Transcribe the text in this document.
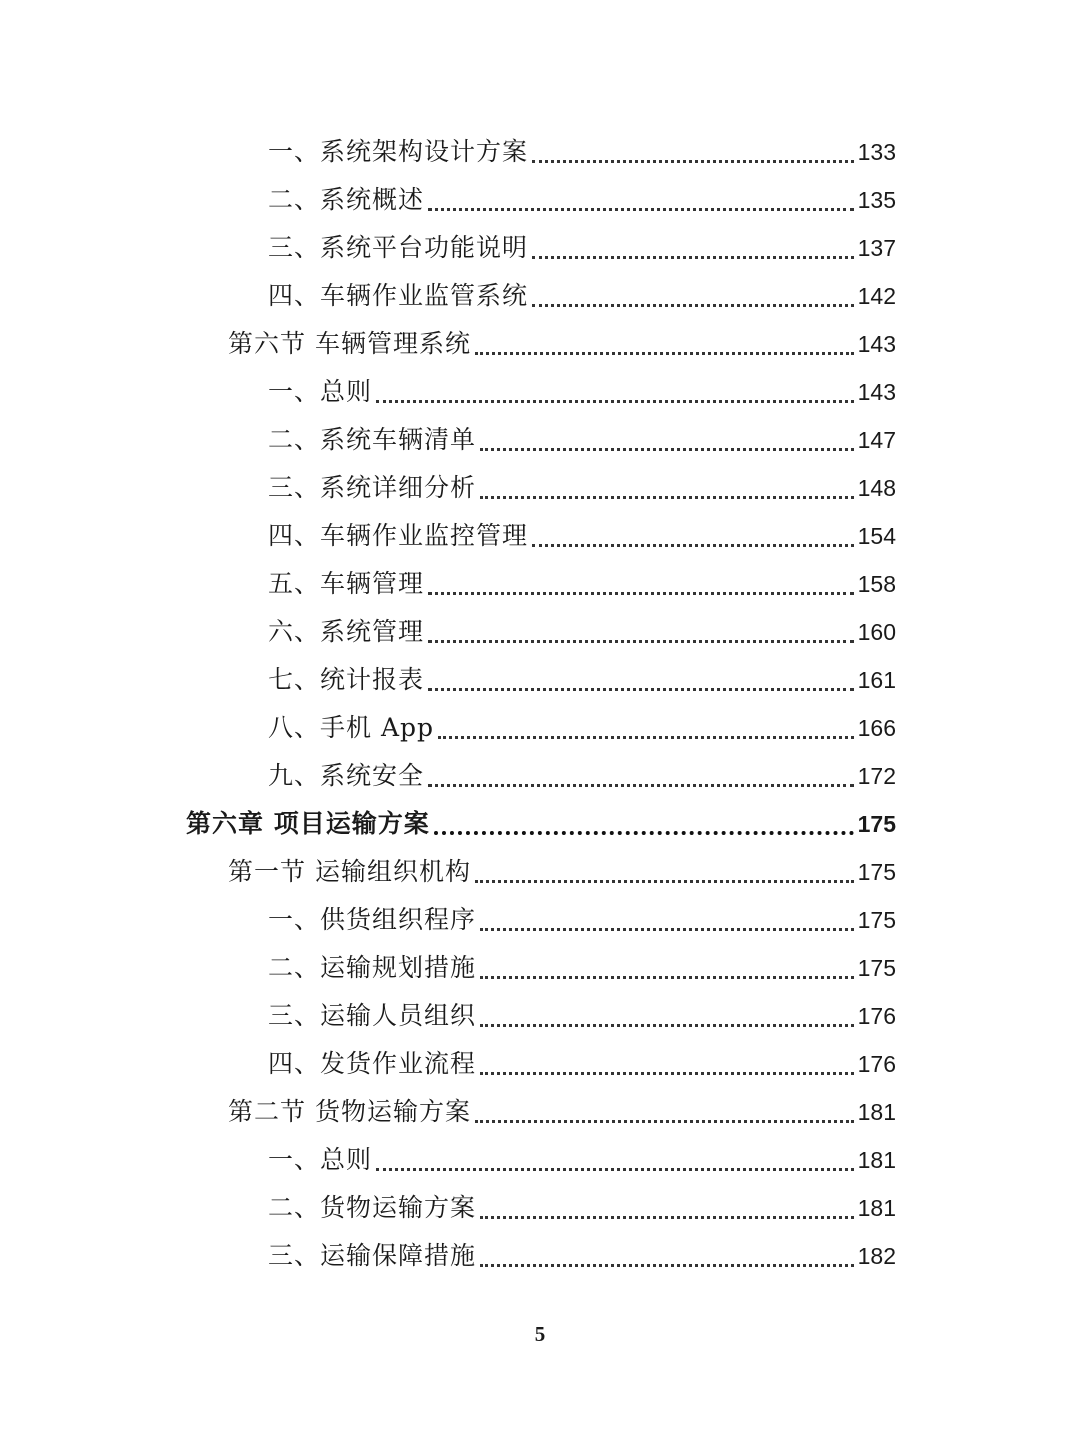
一、系统架构设计方案	133
二、系统概述	135
三、系统平台功能说明	137
四、车辆作业监管系统	142
第六节 车辆管理系统	143
一、总则	143
二、系统车辆清单	147
三、系统详细分析	148
四、车辆作业监控管理	154
五、车辆管理	158
六、系统管理	160
七、统计报表	161
八、手机 App	166
九、系统安全	172
第六章 项目运输方案	175
第一节 运输组织机构	175
一、供货组织程序	175
二、运输规划措施	175
三、运输人员组织	176
四、发货作业流程	176
第二节 货物运输方案	181
一、总则	181
二、货物运输方案	181
三、运输保障措施	182
5
